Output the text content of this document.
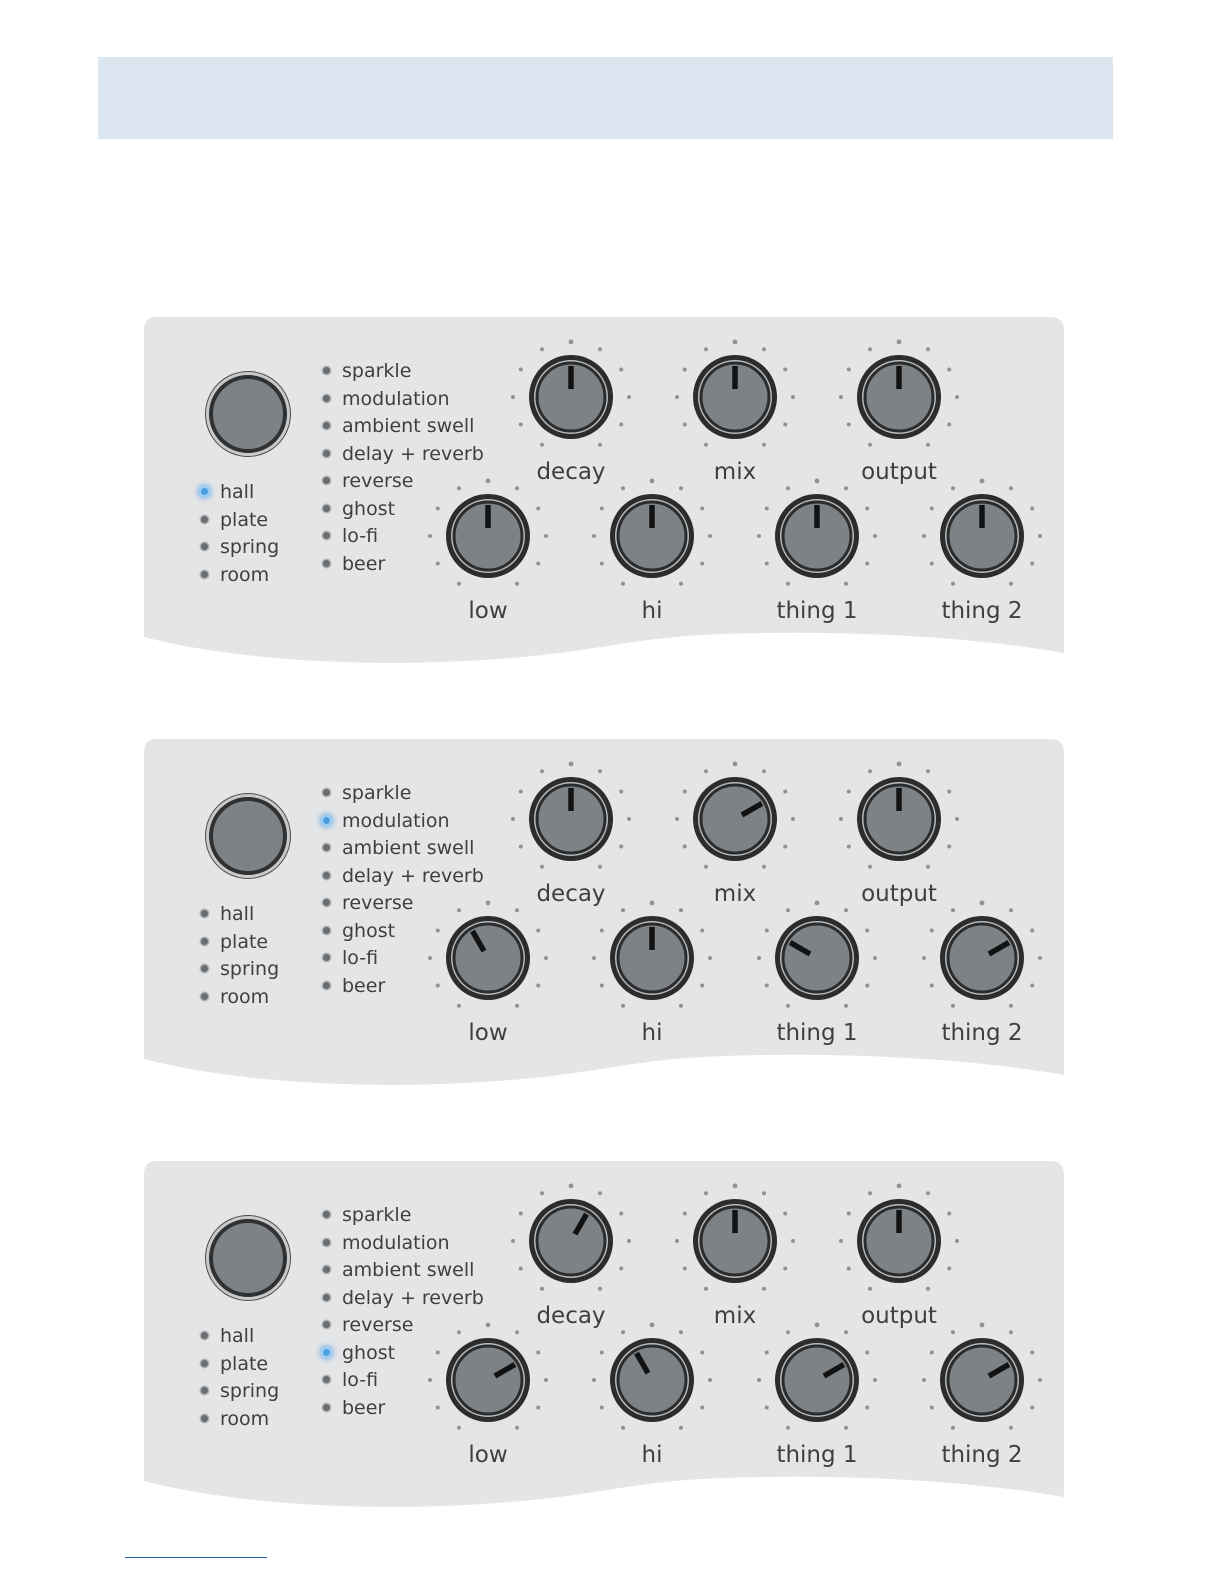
hall
plate
spring
room
sparkle
modulation
ambient swell
delay + reverb
reverse
ghost
lo-fi
beer
decay	mix	output
low	hi	thing 1	thing 2
hall
plate
spring
room
sparkle
modulation
ambient swell
delay + reverb
reverse
ghost
lo-fi
beer
decay	mix	output
low	hi	thing 1	thing 2
hall
plate
spring
room
sparkle
modulation
ambient swell
delay + reverb
reverse
ghost
lo-fi
beer
decay	mix	output
low	hi	thing 1	thing 2
